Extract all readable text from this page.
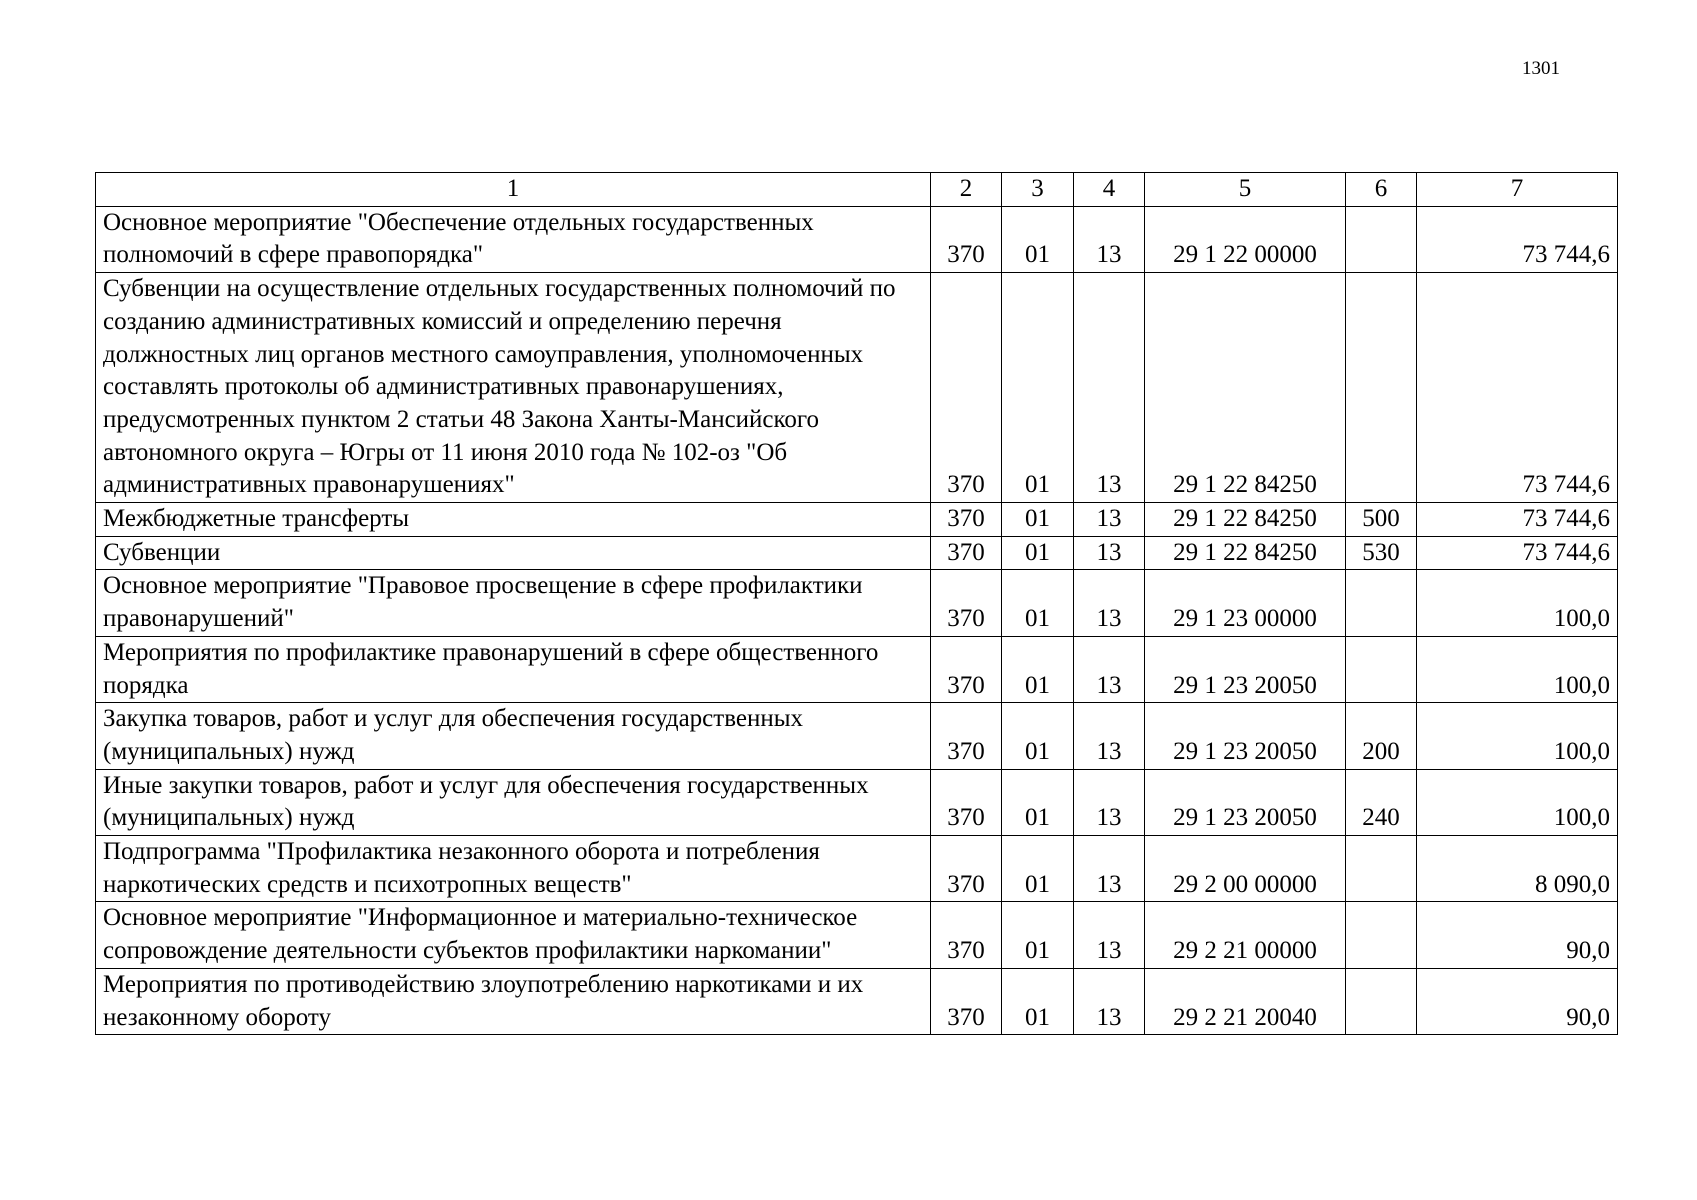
1301
1	2	3	4	5	6	7
Основное мероприятие "Обеспечение отдельных государственных полномочий в сфере правопорядка"	370	01	13	29 1 22 00000		73 744,6
Субвенции на осуществление отдельных государственных полномочий по созданию административных комиссий и определению перечня должностных лиц органов местного самоуправления, уполномоченных составлять протоколы об административных правонарушениях, предусмотренных пунктом 2 статьи 48 Закона Ханты-Мансийского автономного округа – Югры от 11 июня 2010 года № 102-оз "Об административных правонарушениях"	370	01	13	29 1 22 84250		73 744,6
Межбюджетные трансферты	370	01	13	29 1 22 84250	500	73 744,6
Субвенции	370	01	13	29 1 22 84250	530	73 744,6
Основное мероприятие "Правовое просвещение в сфере профилактики правонарушений"	370	01	13	29 1 23 00000		100,0
Мероприятия по профилактике правонарушений в сфере общественного порядка	370	01	13	29 1 23 20050		100,0
Закупка товаров, работ и услуг для обеспечения государственных (муниципальных) нужд	370	01	13	29 1 23 20050	200	100,0
Иные закупки товаров, работ и услуг для обеспечения государственных (муниципальных) нужд	370	01	13	29 1 23 20050	240	100,0
Подпрограмма "Профилактика незаконного оборота и потребления наркотических средств и психотропных веществ"	370	01	13	29 2 00 00000		8 090,0
Основное мероприятие "Информационное и материально-техническое сопровождение деятельности субъектов профилактики наркомании"	370	01	13	29 2 21 00000		90,0
Мероприятия по противодействию злоупотреблению наркотиками и их незаконному обороту	370	01	13	29 2 21 20040		90,0
